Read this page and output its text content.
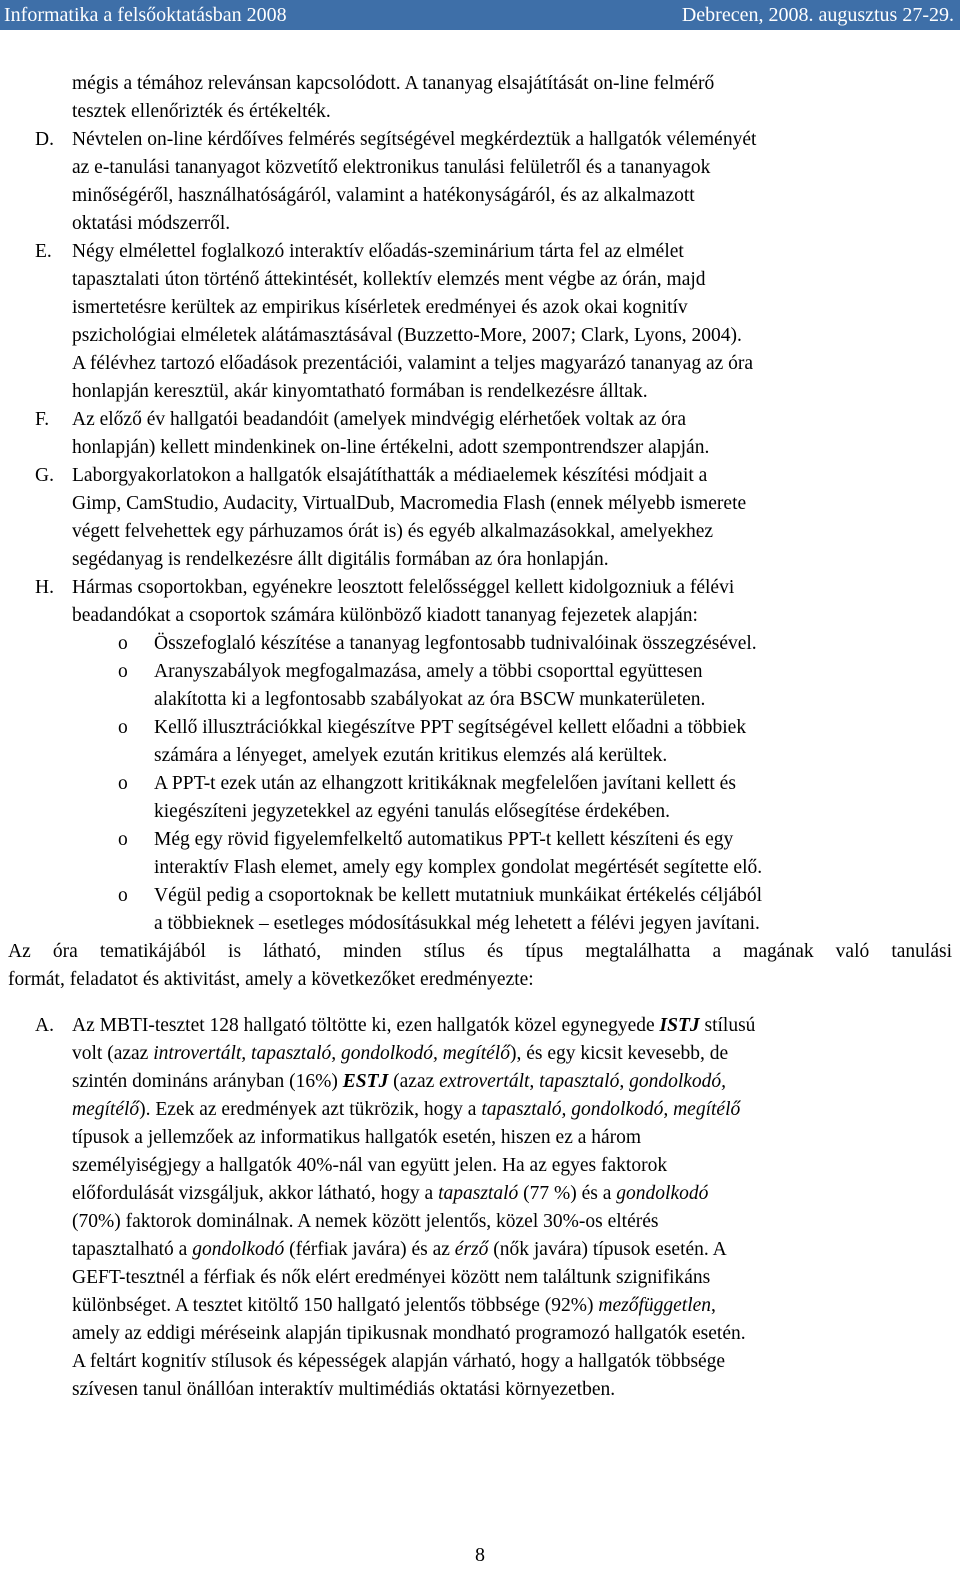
Informatika a felsőoktatásban 2008	Debrecen, 2008. augusztus 27-29.
mégis a témához relevánsan kapcsolódott. A tananyag elsajátítását on-line felmérő
tesztek ellenőrizték és értékelték.
D. Névtelen on-line kérdőíves felmérés segítségével megkérdeztük a hallgatók véleményét
az e-tanulási tananyagot közvetítő elektronikus tanulási felületről és a tananyagok
minőségéről, használhatóságáról, valamint a hatékonyságáról, és az alkalmazott
oktatási módszerről.
E. Négy elmélettel foglalkozó interaktív előadás-szeminárium tárta fel az elmélet
tapasztalati úton történő áttekintését, kollektív elemzés ment végbe az órán, majd
ismertetésre kerültek az empirikus kísérletek eredményei és azok okai kognitív
pszichológiai elméletek alátámasztásával (Buzzetto-More, 2007; Clark, Lyons, 2004).
A félévhez tartozó előadások prezentációi, valamint a teljes magyarázó tananyag az óra
honlapján keresztül, akár kinyomtatható formában is rendelkezésre álltak.
F. Az előző év hallgatói beadandóit (amelyek mindvégig elérhetőek voltak az óra
honlapján) kellett mindenkinek on-line értékelni, adott szempontrendszer alapján.
G. Laborgyakorlatokon a hallgatók elsajátíthatták a médiaelemek készítési módjait a
Gimp, CamStudio, Audacity, VirtualDub, Macromedia Flash (ennek mélyebb ismerete
végett felvehettek egy párhuzamos órát is) és egyéb alkalmazásokkal, amelyekhez
segédanyag is rendelkezésre állt digitális formában az óra honlapján.
H. Hármas csoportokban, egyénekre leosztott felelősséggel kellett kidolgozniuk a félévi
beadandókat a csoportok számára különböző kiadott tananyag fejezetek alapján:
o Összefoglaló készítése a tananyag legfontosabb tudnivalóinak összegzésével.
o Aranyszabályok megfogalmazása, amely a többi csoporttal együttesen
alakította ki a legfontosabb szabályokat az óra BSCW munkaterületen.
o Kellő illusztrációkkal kiegészítve PPT segítségével kellett előadni a többiek
számára a lényeget, amelyek ezután kritikus elemzés alá kerültek.
o A PPT-t ezek után az elhangzott kritikáknak megfelelően javítani kellett és
kiegészíteni jegyzetekkel az egyéni tanulás elősegítése érdekében.
o Még egy rövid figyelemfelkeltő automatikus PPT-t kellett készíteni és egy
interaktív Flash elemet, amely egy komplex gondolat megértését segítette elő.
o Végül pedig a csoportoknak be kellett mutatniuk munkáikat értékelés céljából
a többieknek – esetleges módosításukkal még lehetett a félévi jegyen javítani.
Az óra tematikájából is látható, minden stílus és típus megtalálhatta a magának való tanulási
formát, feladatot és aktivitást, amely a következőket eredményezte:
A. Az MBTI-tesztet 128 hallgató töltötte ki, ezen hallgatók közel egynegyede ISTJ stílusú
volt (azaz introvertált, tapasztaló, gondolkodó, megítélő), és egy kicsit kevesebb, de
szintén domináns arányban (16%) ESTJ (azaz extrovertált, tapasztaló, gondolkodó,
megítélő). Ezek az eredmények azt tükrözik, hogy a tapasztaló, gondolkodó, megítélő
típusok a jellemzőek az informatikus hallgatók esetén, hiszen ez a három
személyiségjegy a hallgatók 40%-nál van együtt jelen. Ha az egyes faktorok
előfordulását vizsgáljuk, akkor látható, hogy a tapasztaló (77 %) és a gondolkodó
(70%) faktorok dominálnak. A nemek között jelentős, közel 30%-os eltérés
tapasztalható a gondolkodó (férfiak javára) és az érző (nők javára) típusok esetén. A
GEFT-tesztnél a férfiak és nők elért eredményei között nem találtunk szignifikáns
különbséget. A tesztet kitöltő 150 hallgató jelentős többsége (92%) mezőfüggetlen,
amely az eddigi méréseink alapján tipikusnak mondható programozó hallgatók esetén.
A feltárt kognitív stílusok és képességek alapján várható, hogy a hallgatók többsége
szívesen tanul önállóan interaktív multimédiás oktatási környezetben.
8
